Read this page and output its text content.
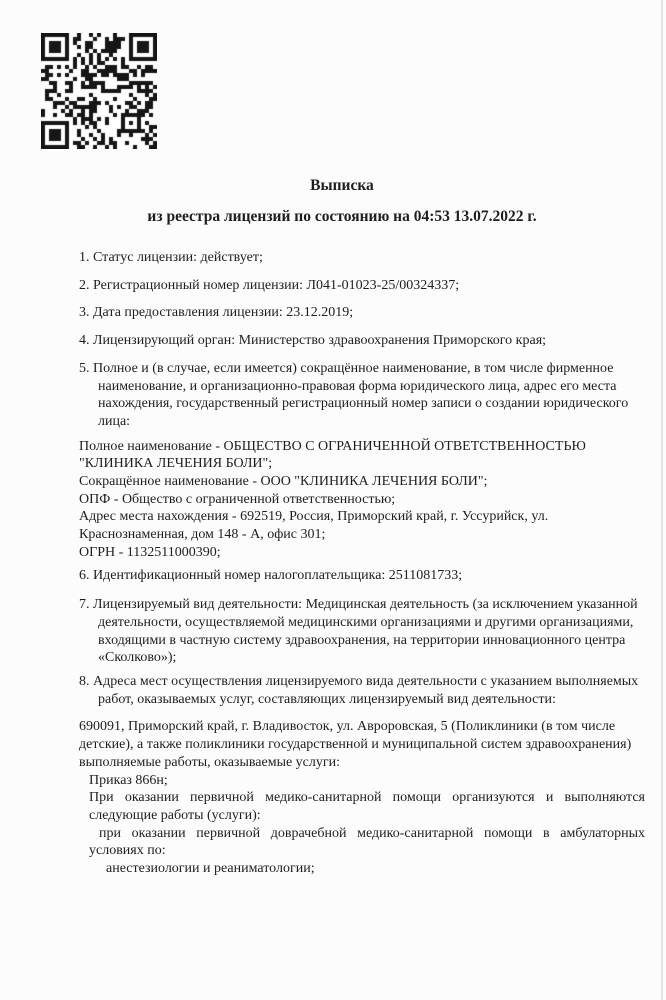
Выписка
из реестра лицензий по состоянию на 04:53 13.07.2022 г.

1. Статус лицензии: действует;

2. Регистрационный номер лицензии: Л041-01023-25/00324337;

3. Дата предоставления лицензии: 23.12.2019;

4. Лицензирующий орган: Министерство здравоохранения Приморского края;

5. Полное и (в случае, если имеется) сокращённое наименование, в том числе фирменное наименование, и организационно-правовая форма юридического лица, адрес его места нахождения, государственный регистрационный номер записи о создании юридического лица:

Полное наименование - ОБЩЕСТВО С ОГРАНИЧЕННОЙ ОТВЕТСТВЕННОСТЬЮ "КЛИНИКА ЛЕЧЕНИЯ БОЛИ";

Сокращённое наименование - ООО "КЛИНИКА ЛЕЧЕНИЯ БОЛИ";

ОПФ - Общество с ограниченной ответственностью;

Адрес места нахождения - 692519, Россия, Приморский край, г. Уссурийск, ул. Краснознаменная, дом 148 - А, офис 301;

ОГРН - 1132511000390;

6. Идентификационный номер налогоплательщика: 2511081733;

7. Лицензируемый вид деятельности: Медицинская деятельность (за исключением указанной деятельности, осуществляемой медицинскими организациями и другими организациями, входящими в частную систему здравоохранения, на территории инновационного центра «Сколково»);

8. Адреса мест осуществления лицензируемого вида деятельности с указанием выполняемых работ, оказываемых услуг, составляющих лицензируемый вид деятельности:

690091, Приморский край, г. Владивосток, ул. Авроровская, 5 (Поликлиники (в том числе детские), а также поликлиники государственной и муниципальной систем здравоохранения)

выполняемые работы, оказываемые услуги:

Приказ 866н;

При оказании первичной медико-санитарной помощи организуются и выполняются следующие работы (услуги):

при оказании первичной доврачебной медико-санитарной помощи в амбулаторных условиях по:

анестезиологии и реаниматологии;
